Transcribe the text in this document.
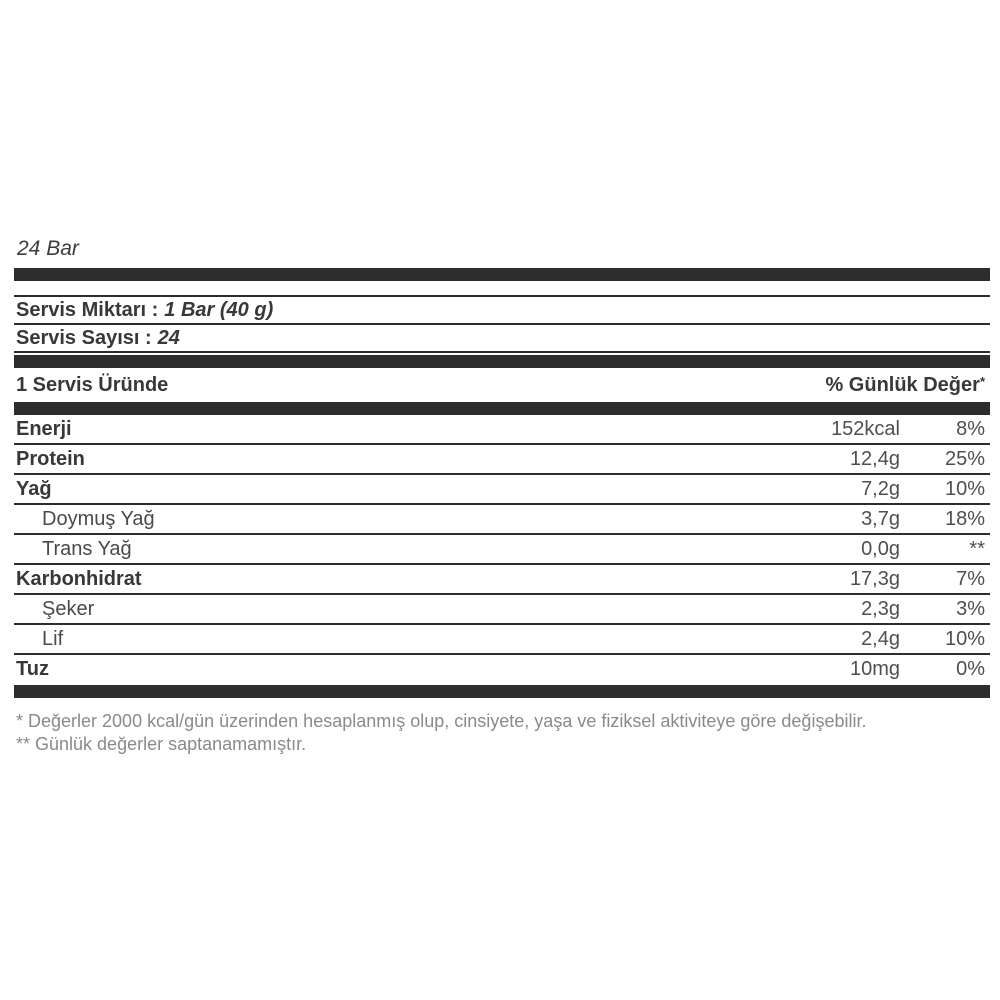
24 Bar
Servis Miktarı : 1 Bar (40 g)
Servis Sayısı : 24
1 Servis Üründe	% Günlük Değer*
Enerji	152kcal	8%
Protein	12,4g	25%
Yağ	7,2g	10%
Doymuş Yağ	3,7g	18%
Trans Yağ	0,0g	**
Karbonhidrat	17,3g	7%
Şeker	2,3g	3%
Lif	2,4g	10%
Tuz	10mg	0%
* Değerler 2000 kcal/gün üzerinden hesaplanmış olup, cinsiyete, yaşa ve fiziksel aktiviteye göre değişebilir.
** Günlük değerler saptanamamıştır.
